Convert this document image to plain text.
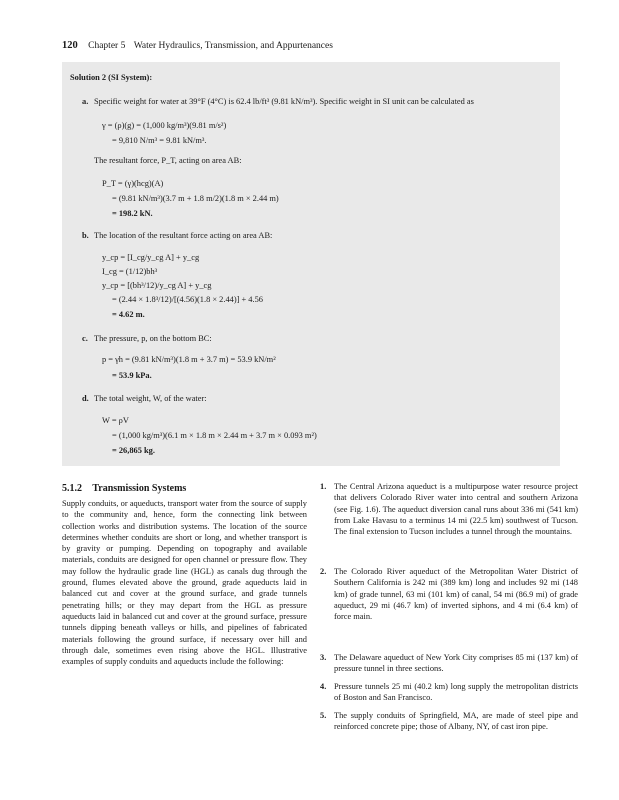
120 Chapter 5 Water Hydraulics, Transmission, and Appurtenances
Solution 2 (SI System):
a. Specific weight for water at 39°F (4°C) is 62.4 lb/ft³ (9.81 kN/m³). Specific weight in SI unit can be calculated as
γ = (ρ)(g) = (1,000 kg/m³)(9.81 m/s²)
= 9,810 N/m³ = 9.81 kN/m³.
The resultant force, P_T, acting on area AB:
P_T = (γ)(hcg)(A)
= (9.81 kN/m³)(3.7 m + 1.8 m/2)(1.8 m × 2.44 m)
= 198.2 kN.
b. The location of the resultant force acting on area AB:
y_cp = [I_cg/y_cg A] + y_cg
I_cg = (1/12)bh³
y_cp = [(bh³/12)/y_cg A] + y_cg
= (2.44 × 1.8³/12)/[(4.56)(1.8 × 2.44)] + 4.56
= 4.62 m.
c. The pressure, p, on the bottom BC:
p = γh = (9.81 kN/m³)(1.8 m + 3.7 m) = 53.9 kN/m²
= 53.9 kPa.
d. The total weight, W, of the water:
W = ρV
= (1,000 kg/m³)(6.1 m × 1.8 m × 2.44 m + 3.7 m × 0.093 m²)
= 26,865 kg.
5.1.2 Transmission Systems
Supply conduits, or aqueducts, transport water from the source of supply to the community and, hence, form the connecting link between collection works and distribution systems. The location of the source determines whether conduits are short or long, and whether transport is by gravity or pumping. Depending on topography and available materials, conduits are designed for open channel or pressure flow. They may follow the hydraulic grade line (HGL) as canals dug through the ground, flumes elevated above the ground, grade aqueducts laid in balanced cut and cover at the ground surface, and grade tunnels penetrating hills; or they may depart from the HGL as pressure aqueducts laid in balanced cut and cover at the ground surface, pressure tunnels dipping beneath valleys or hills, and pipelines of fabricated materials following the ground surface, if necessary over hill and through dale, sometimes even rising above the HGL. Illustrative examples of supply conduits and aqueducts include the following:
1. The Central Arizona aqueduct is a multipurpose water resource project that delivers Colorado River water into central and southern Arizona (see Fig. 1.6). The aqueduct diversion canal runs about 336 mi (541 km) from Lake Havasu to a terminus 14 mi (22.5 km) southwest of Tucson. The final extension to Tucson includes a tunnel through the mountains.
2. The Colorado River aqueduct of the Metropolitan Water District of Southern California is 242 mi (389 km) long and includes 92 mi (148 km) of grade tunnel, 63 mi (101 km) of canal, 54 mi (86.9 mi) of grade aqueduct, 29 mi (46.7 km) of inverted siphons, and 4 mi (6.4 km) of force main.
3. The Delaware aqueduct of New York City comprises 85 mi (137 km) of pressure tunnel in three sections.
4. Pressure tunnels 25 mi (40.2 km) long supply the metropolitan districts of Boston and San Francisco.
5. The supply conduits of Springfield, MA, are made of steel pipe and reinforced concrete pipe; those of Albany, NY, of cast iron pipe.
